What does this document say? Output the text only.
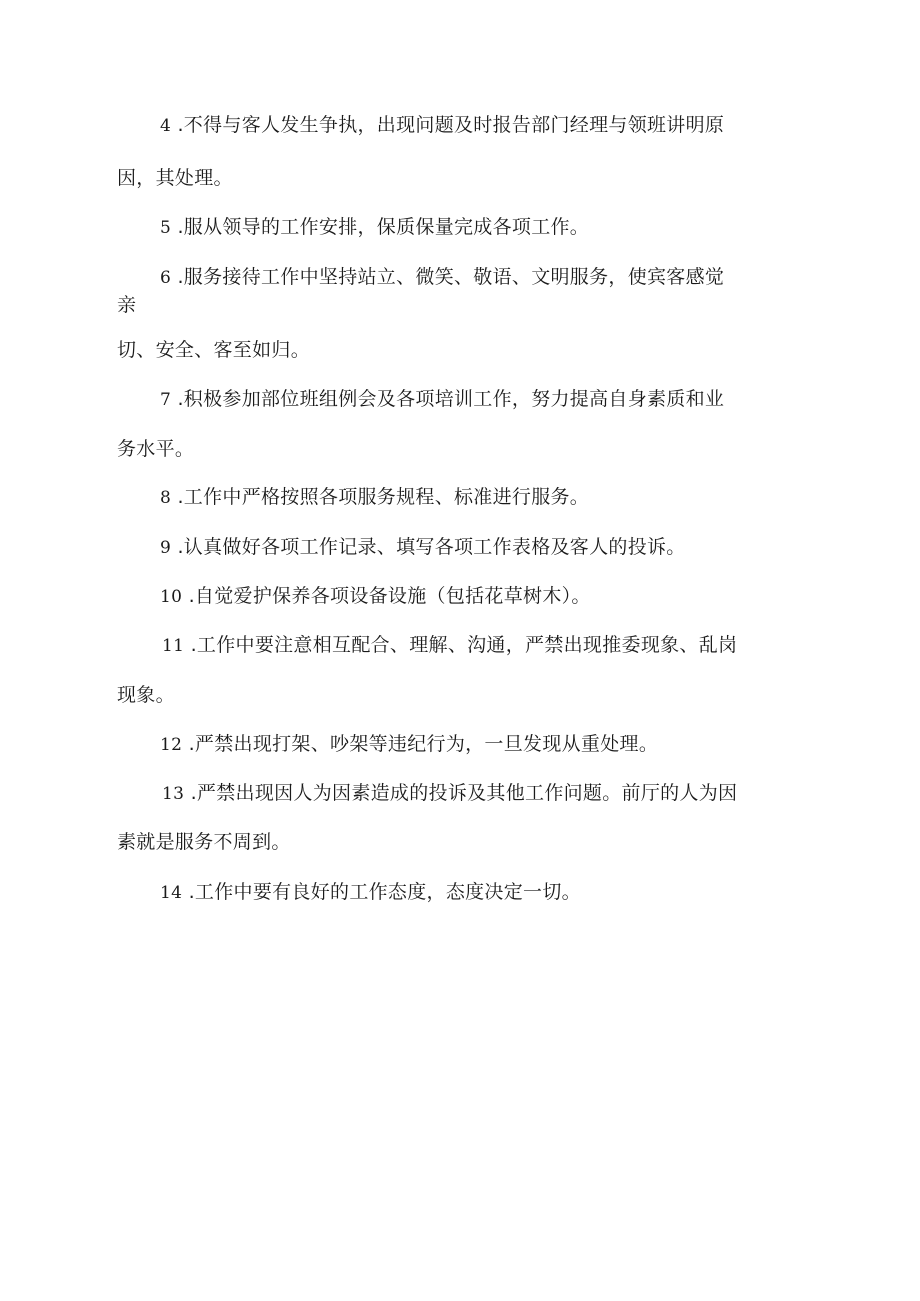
4 .不得与客人发生争执，出现问题及时报告部门经理与领班讲明原
因，其处理。
5 .服从领导的工作安排，保质保量完成各项工作。
6 .服务接待工作中坚持站立、微笑、敬语、文明服务，使宾客感觉
亲
切、安全、客至如归。
7 .积极参加部位班组例会及各项培训工作，努力提高自身素质和业
务水平。
8 .工作中严格按照各项服务规程、标准进行服务。
9 .认真做好各项工作记录、填写各项工作表格及客人的投诉。
10 .自觉爱护保养各项设备设施（包括花草树木）。
11 .工作中要注意相互配合、理解、沟通，严禁出现推委现象、乱岗
现象。
12 .严禁出现打架、吵架等违纪行为，一旦发现从重处理。
13 .严禁出现因人为因素造成的投诉及其他工作问题。前厅的人为因
素就是服务不周到。
14 .工作中要有良好的工作态度，态度决定一切。
